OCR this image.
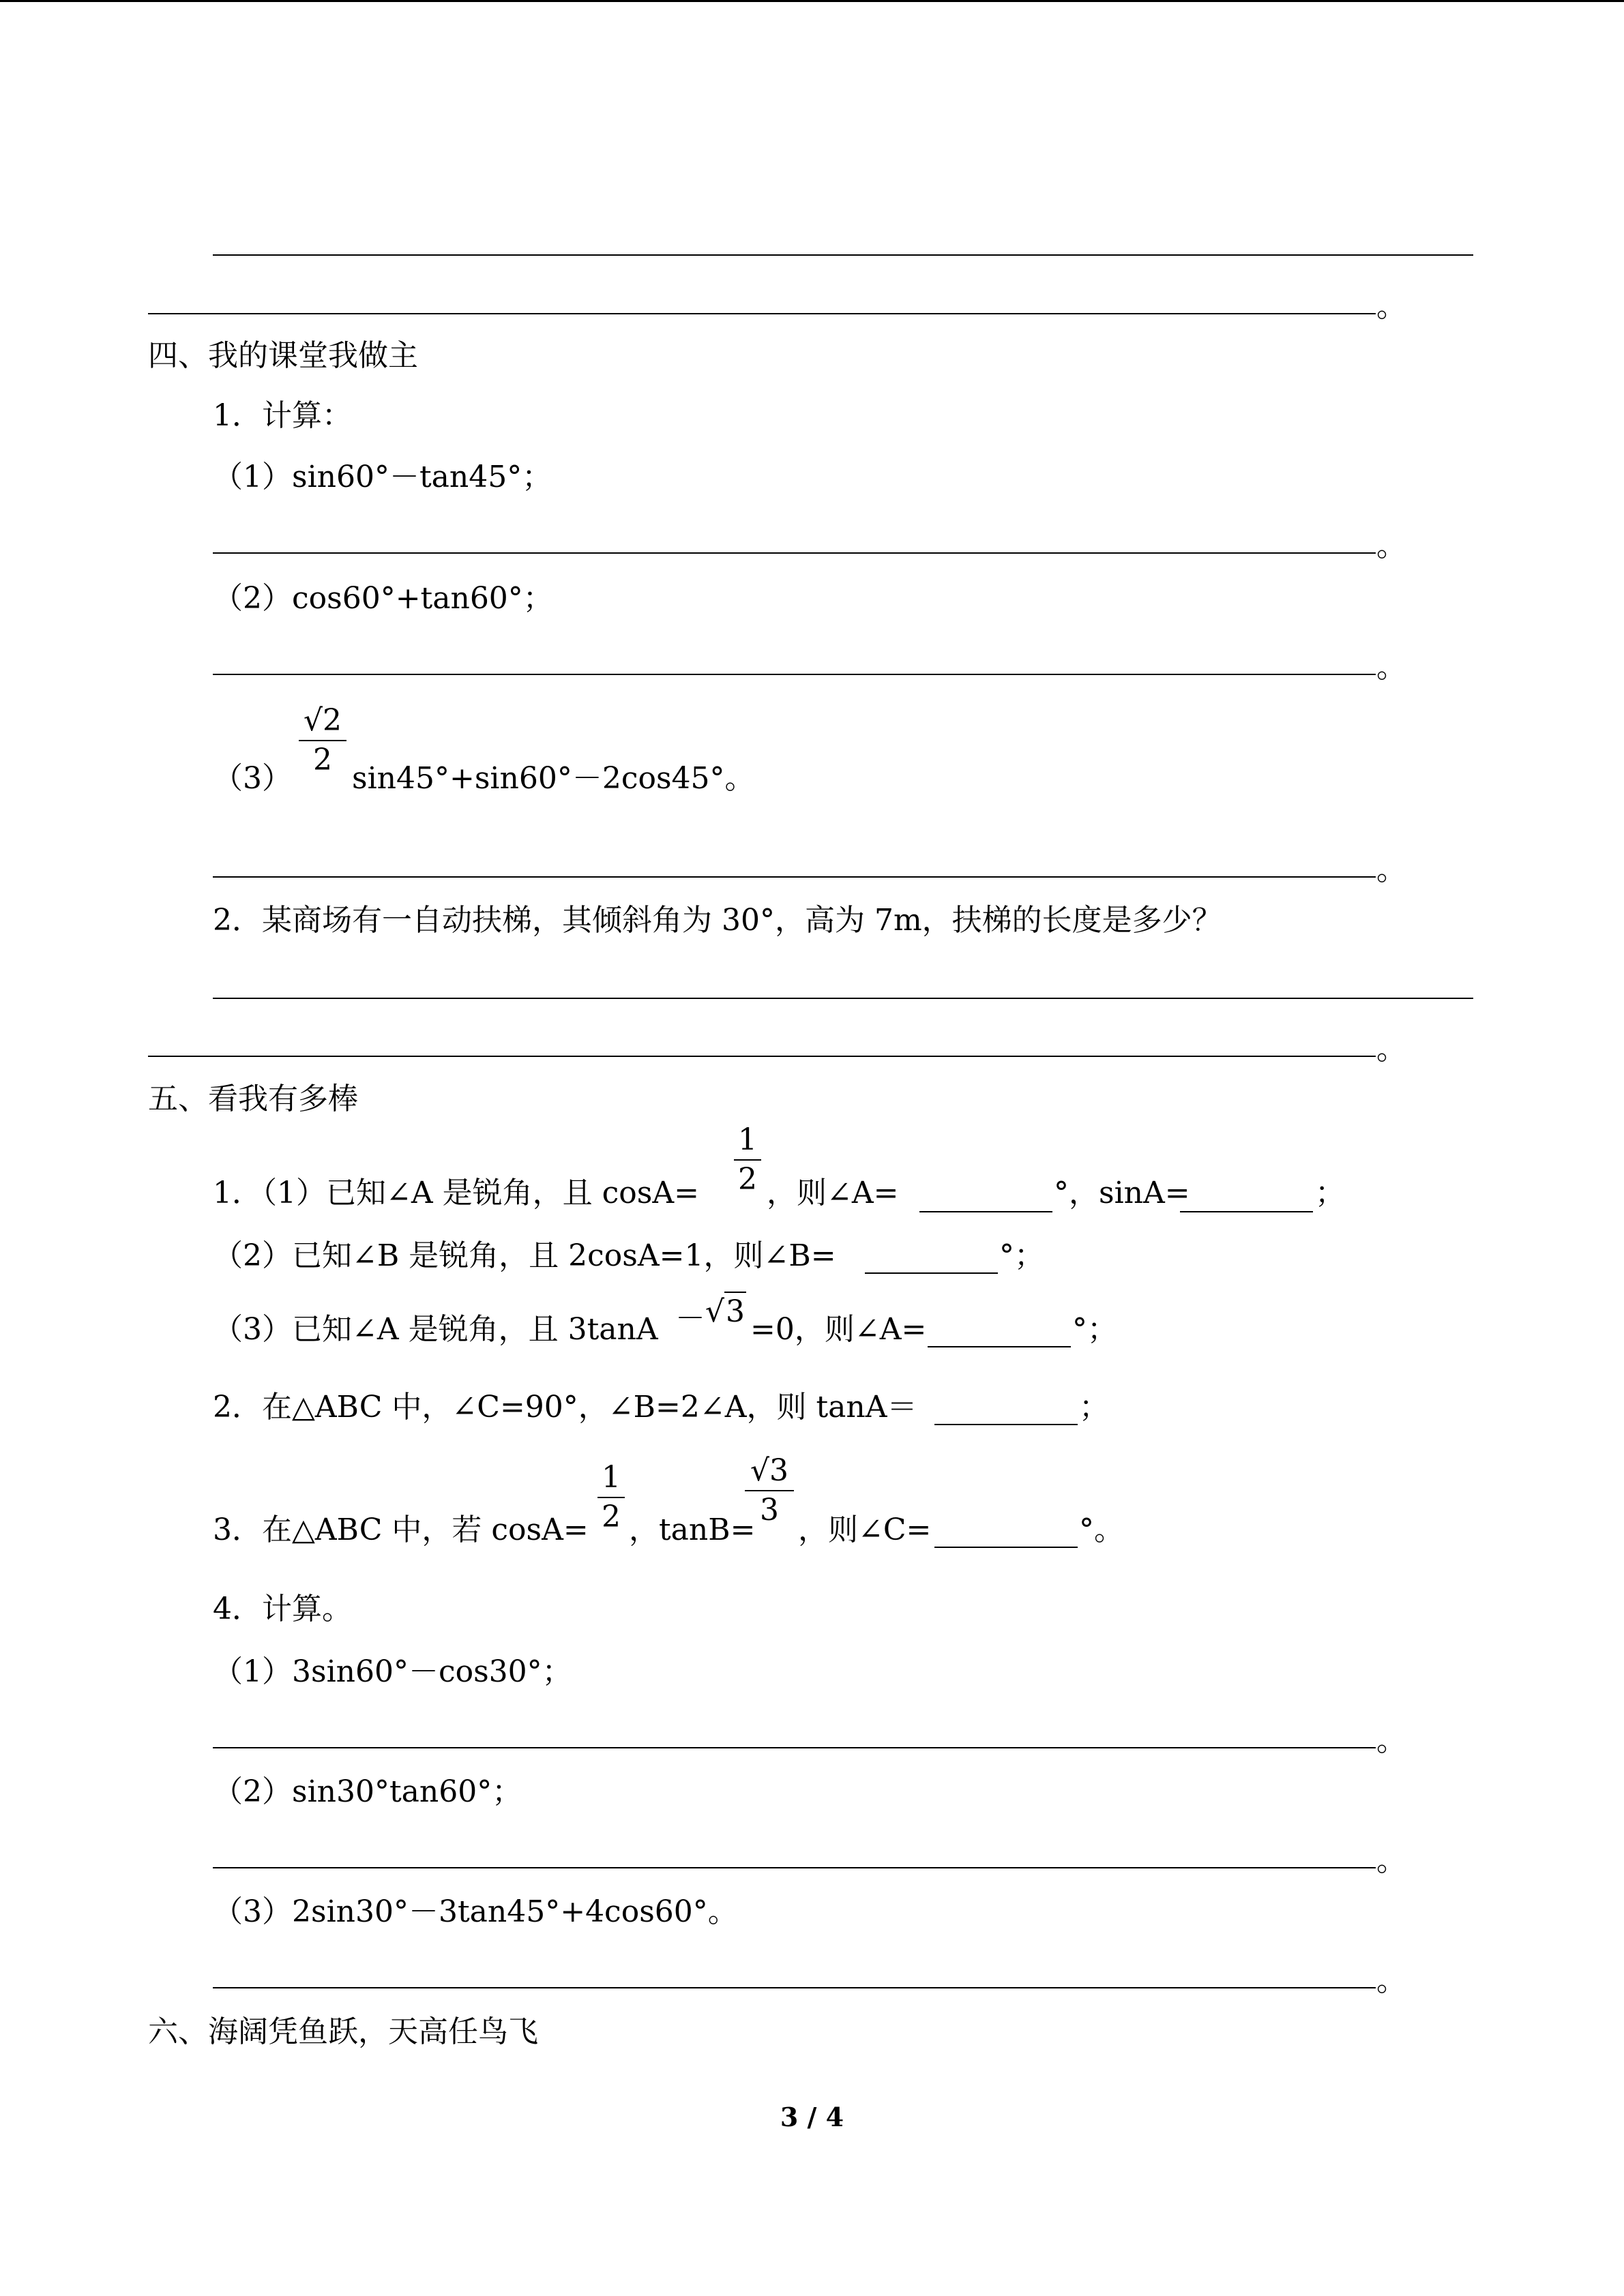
。
四、我的课堂我做主
1．计算：
（1）sin60°－tan45°；
。
（2）cos60°+tan60°；
。
（3）
√2
2
sin45°+sin60°－2cos45°。
。
2．某商场有一自动扶梯，其倾斜角为 30°，高为 7m，扶梯的长度是多少？
。
五、看我有多棒
1．（1）已知∠A 是锐角，且 cosA=
1
2 ，则∠A=	°，sinA=	；
（2）已知∠B 是锐角，且 2cosA=1，则∠B=	°；
（3）已知∠A 是锐角，且 3tanA － √3
=0，则∠A=	°；
2．在△ABC 中，∠C=90°，∠B=2∠A，则 tanA＝	；
3．在△ABC 中，若 cosA=
1
2 ，tanB=
√3
3
，则∠C=	°。
4．计算。
（1）3sin60°－cos30°；
。
（2）sin30°tan60°；
。
（3）2sin30°－3tan45°+4cos60°。
。
六、海阔凭鱼跃，天高任鸟飞
3 / 4
